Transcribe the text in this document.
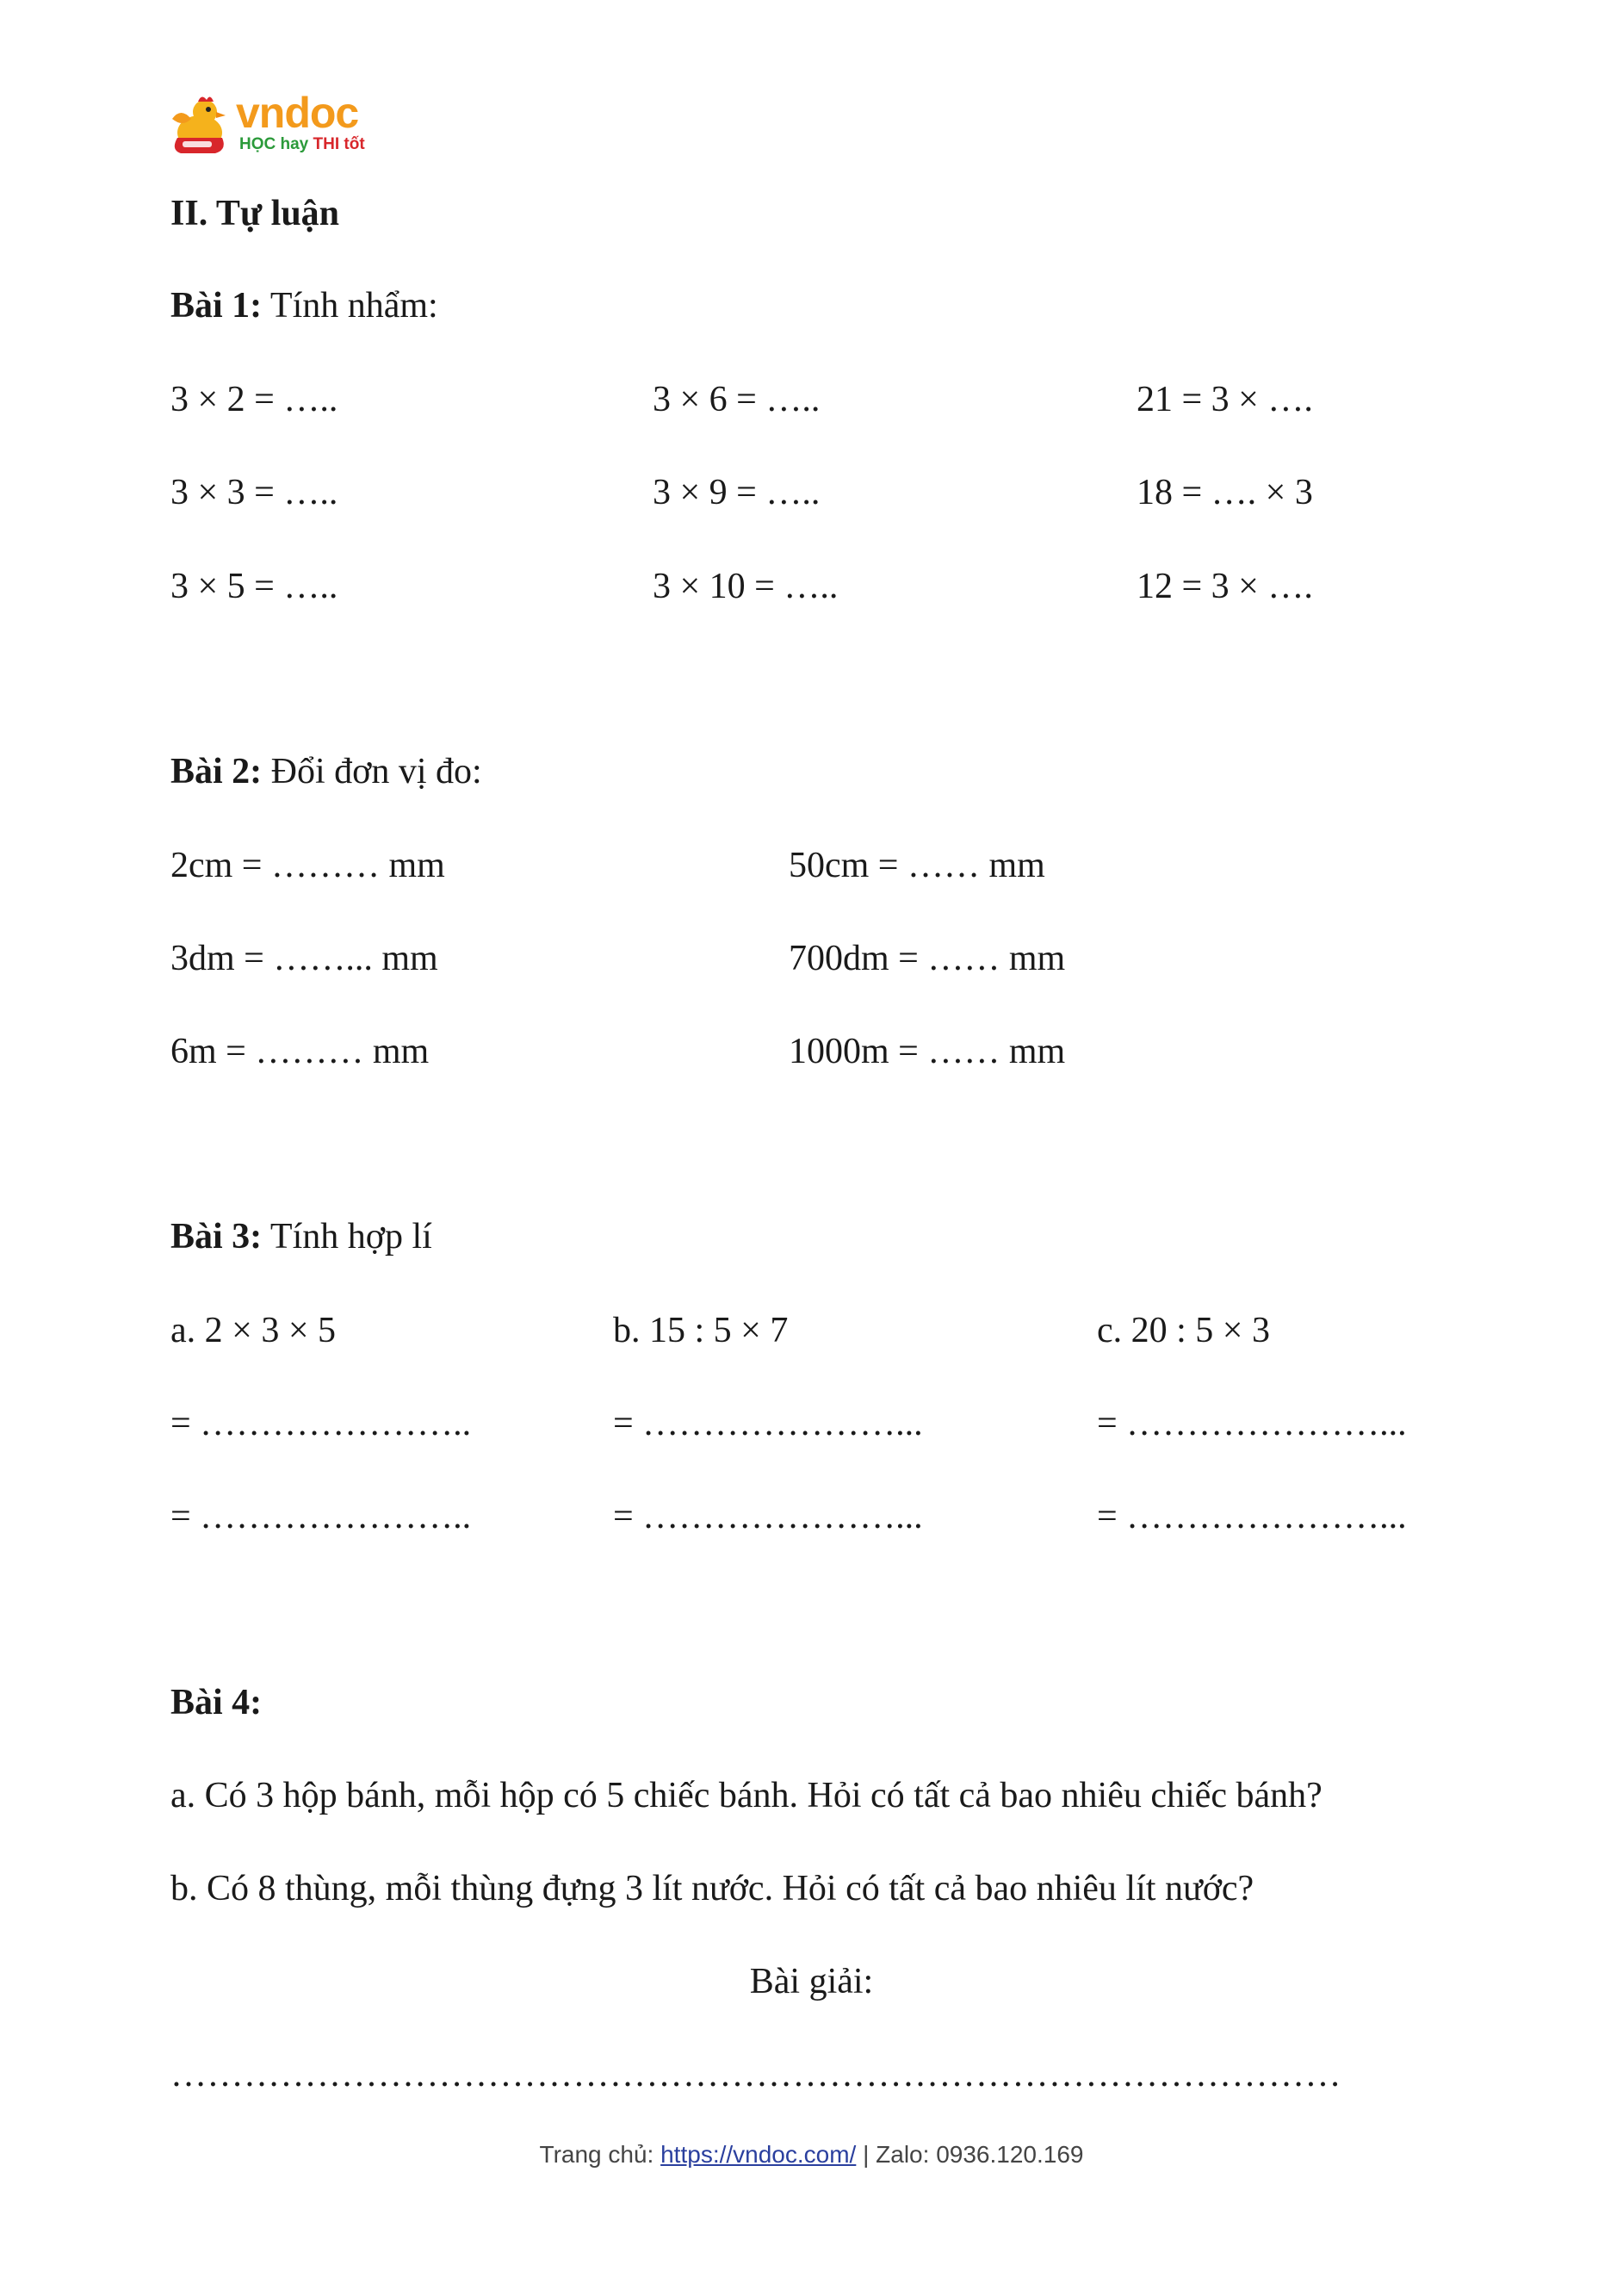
vndoc
HỌC hay THI tốt
II. Tự luận
Bài 1: Tính nhẩm:
3 × 2 = …..	3 × 6 = …..	21 = 3 × ….
3 × 3 = …..	3 × 9 = …..	18 = …. × 3
3 × 5 = …..	3 × 10 = …..	12 = 3 × ….
Bài 2: Đổi đơn vị đo:
2cm = ……… mm	50cm = …… mm
3dm = ……... mm	700dm = …… mm
6m = ……… mm	1000m = …… mm
Bài 3: Tính hợp lí
a. 2 × 3 × 5	b. 15 : 5 × 7	c. 20 : 5 × 3
= …………………..	= …………………...	= …………………...
= …………………..	= …………………...	= …………………...
Bài 4:
a. Có 3 hộp bánh, mỗi hộp có 5 chiếc bánh. Hỏi có tất cả bao nhiêu chiếc bánh?
b. Có 8 thùng, mỗi thùng đựng 3 lít nước. Hỏi có tất cả bao nhiêu lít nước?
Bài giải:
……………………………………………………………………………………
Trang chủ: https://vndoc.com/ | Zalo: 0936.120.169
